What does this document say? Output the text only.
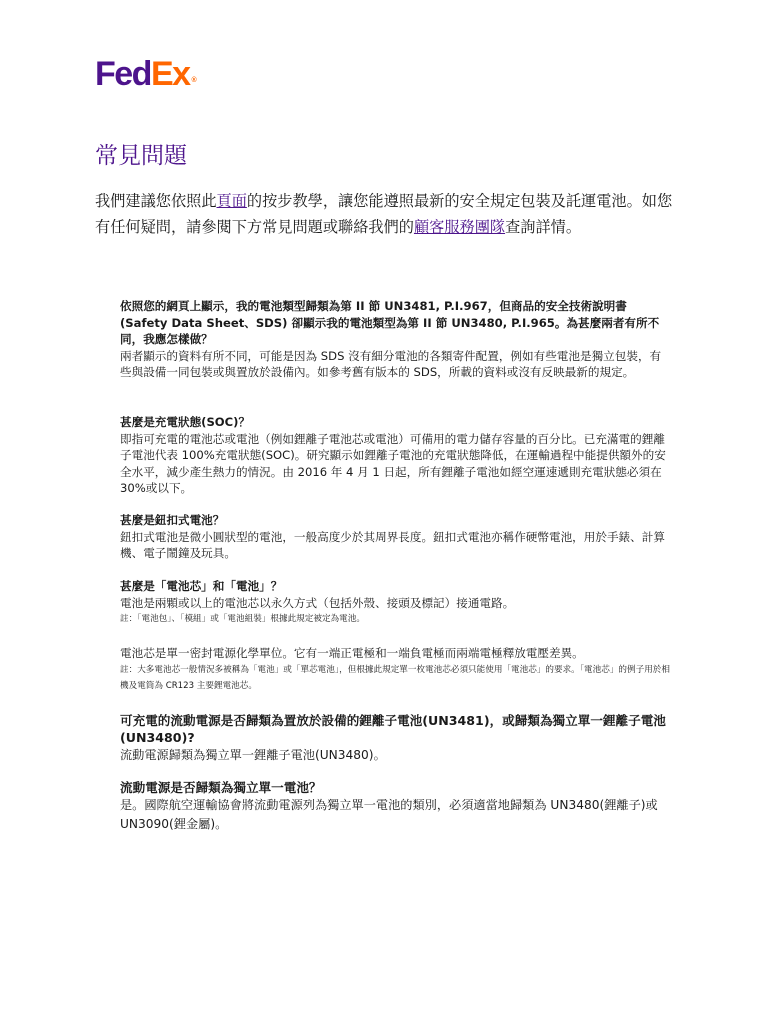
FedEx ®
常見問題

我們建議您依照此頁面的按步教學，讓您能遵照最新的安全規定包裝及託運電池。如您有任何疑問，請參閱下方常見問題或聯絡我們的顧客服務團隊查詢詳情。

依照您的網頁上顯示，我的電池類型歸類為第 II 節 UN3481, P.I.967，但商品的安全技術說明書(Safety Data Sheet、SDS) 卻顯示我的電池類型為第 II 節 UN3480, P.I.965。為甚麼兩者有所不同，我應怎樣做？

兩者顯示的資料有所不同，可能是因為 SDS 沒有細分電池的各類寄件配置，例如有些電池是獨立包裝，有些與設備一同包裝或與置放於設備內。如參考舊有版本的 SDS，所載的資料或沒有反映最新的規定。

甚麼是充電狀態(SOC)？

即指可充電的電池芯或電池（例如鋰離子電池芯或電池）可備用的電力儲存容量的百分比。已充滿電的鋰離子電池代表 100%充電狀態(SOC)。研究顯示如鋰離子電池的充電狀態降低，在運輸過程中能提供額外的安全水平，減少產生熱力的情況。由 2016 年 4 月 1 日起，所有鋰離子電池如經空運速遞則充電狀態必須在 30%或以下。

甚麼是鈕扣式電池？

鈕扣式電池是微小圓狀型的電池，一般高度少於其周界長度。鈕扣式電池亦稱作硬幣電池，用於手錶、計算機、電子鬧鐘及玩具。

甚麼是「電池芯」和「電池」？

電池是兩顆或以上的電池芯以永久方式（包括外殼、接頭及標記）接通電路。

註：「電池包」、「模組」或「電池組裝」根據此規定被定為電池。

電池芯是單一密封電源化學單位。它有一端正電極和一端負電極而兩端電極釋放電壓差異。

註：大多電池芯一般情況多被稱為「電池」或「單芯電池」，但根據此規定單一枚電池芯必須只能使用「電池芯」的要求。「電池芯」的例子用於相機及電筒為 CR123 主要鋰電池芯。

可充電的流動電源是否歸類為置放於設備的鋰離子電池(UN3481)，或歸類為獨立單一鋰離子電池(UN3480)?

流動電源歸類為獨立單一鋰離子電池(UN3480)。

流動電源是否歸類為獨立單一電池？

是。國際航空運輸協會將流動電源列為獨立單一電池的類別，必須適當地歸類為 UN3480(鋰離子)或 UN3090(鋰金屬)。
